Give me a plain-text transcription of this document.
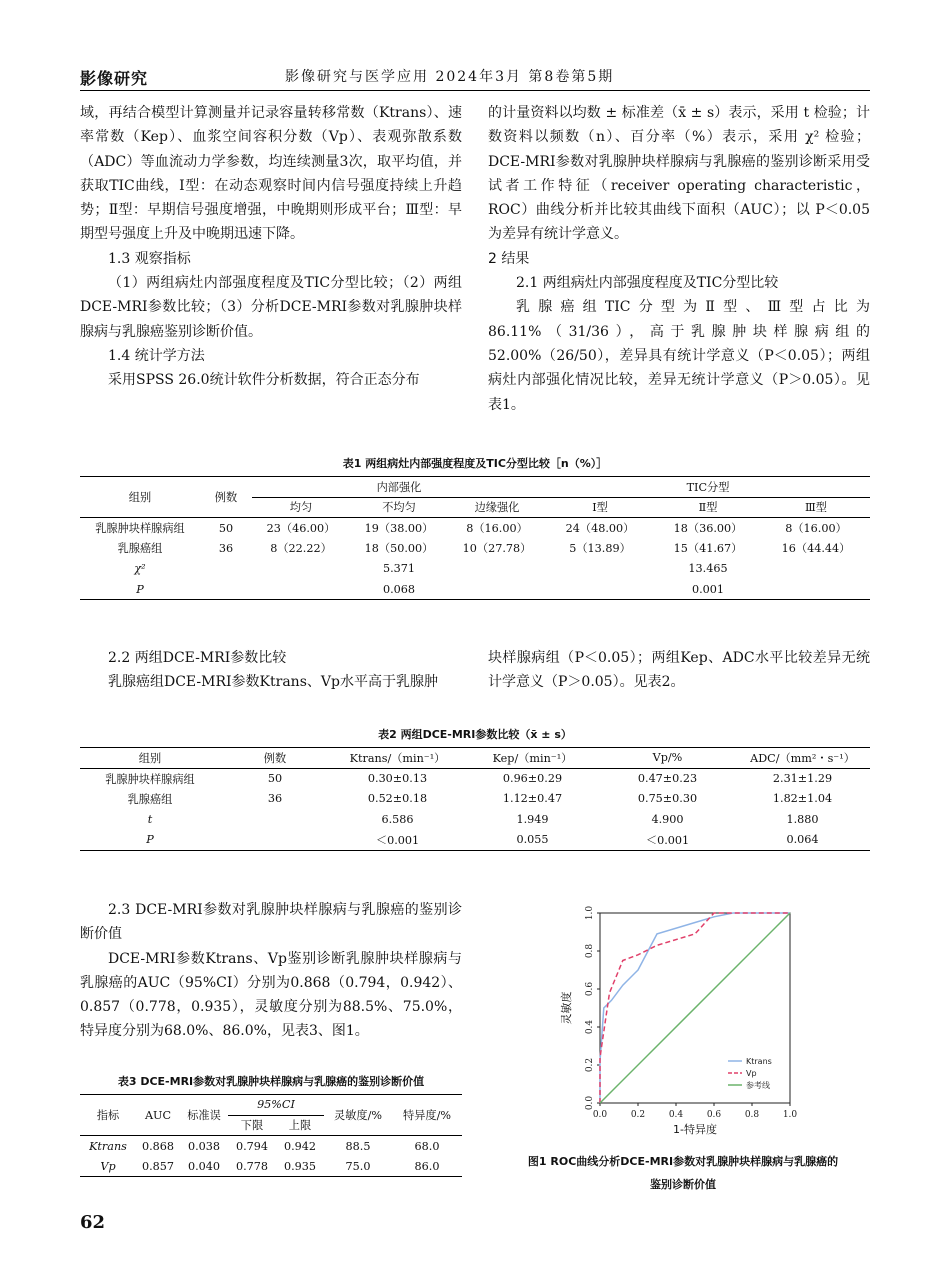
影像研究	影像研究与医学应用 2024年3月 第8卷第5期

域，再结合模型计算测量并记录容量转移常数（Ktrans）、速率常数（Kep）、血浆空间容积分数（Vp）、表观弥散系数（ADC）等血流动力学参数，均连续测量3次，取平均值，并获取TIC曲线，Ⅰ型：在动态观察时间内信号强度持续上升趋势；Ⅱ型：早期信号强度增强，中晚期则形成平台；Ⅲ型：早期型号强度上升及中晚期迅速下降。

1.3 观察指标

（1）两组病灶内部强度程度及TIC分型比较；（2）两组DCE-MRI参数比较；（3）分析DCE-MRI参数对乳腺肿块样腺病与乳腺癌鉴别诊断价值。

1.4 统计学方法

采用SPSS 26.0统计软件分析数据，符合正态分布

的计量资料以均数 ± 标准差（x̄ ± s）表示，采用 t 检验；计数资料以频数（n）、百分率（%）表示，采用 χ² 检验；DCE-MRI参数对乳腺肿块样腺病与乳腺癌的鉴别诊断采用受试者工作特征（receiver operating characteristic，ROC）曲线分析并比较其曲线下面积（AUC）；以 P＜0.05 为差异有统计学意义。

2 结果

2.1 两组病灶内部强度程度及TIC分型比较

乳腺癌组TIC分型为Ⅱ型、Ⅲ型占比为86.11%（31/36），高于乳腺肿块样腺病组的52.00%（26/50），差异具有统计学意义（P＜0.05）；两组病灶内部强化情况比较，差异无统计学意义（P＞0.05）。见表1。

表1 两组病灶内部强度程度及TIC分型比较［n（%）］
组别	例数	内部强化			TIC分型		
		均匀	不均匀	边缘强化	Ⅰ型	Ⅱ型	Ⅲ型
乳腺肿块样腺病组	50	23（46.00）	19（38.00）	8（16.00）	24（48.00）	18（36.00）	8（16.00）
乳腺癌组	36	8（22.22）	18（50.00）	10（27.78）	5（13.89）	15（41.67）	16（44.44）
χ²		5.371			13.465		
P		0.068			0.001		

2.2 两组DCE-MRI参数比较

乳腺癌组DCE-MRI参数Ktrans、Vp水平高于乳腺肿

块样腺病组（P＜0.05）；两组Kep、ADC水平比较差异无统计学意义（P＞0.05）。见表2。

表2 两组DCE-MRI参数比较（x̄ ± s）
组别	例数	Ktrans/（min⁻¹）	Kep/（min⁻¹）	Vp/%	ADC/（mm²・s⁻¹）
乳腺肿块样腺病组	50	0.30±0.13	0.96±0.29	0.47±0.23	2.31±1.29
乳腺癌组	36	0.52±0.18	1.12±0.47	0.75±0.30	1.82±1.04
t		6.586	1.949	4.900	1.880
P		＜0.001	0.055	＜0.001	0.064

2.3 DCE-MRI参数对乳腺肿块样腺病与乳腺癌的鉴别诊断价值

DCE-MRI参数Ktrans、Vp鉴别诊断乳腺肿块样腺病与乳腺癌的AUC（95%CI）分别为0.868（0.794，0.942）、0.857（0.778，0.935），灵敏度分别为88.5%、75.0%，特异度分别为68.0%、86.0%，见表3、图1。

表3 DCE-MRI参数对乳腺肿块样腺病与乳腺癌的鉴别诊断价值
指标	AUC	标准误	95%CI		灵敏度/%	特异度/%
			下限	上限		
Ktrans	0.868	0.038	0.794	0.942	88.5	68.0
Vp	0.857	0.040	0.778	0.935	75.0	86.0
0.0	0.2	0.4	0.6	0.8	1.0
0.0
0.2
0.4
0.6
0.8
1.0
1-特异度
灵敏度
Ktrans
Vp
参考线
图1 ROC曲线分析DCE-MRI参数对乳腺肿块样腺病与乳腺癌的
鉴别诊断价值
62
